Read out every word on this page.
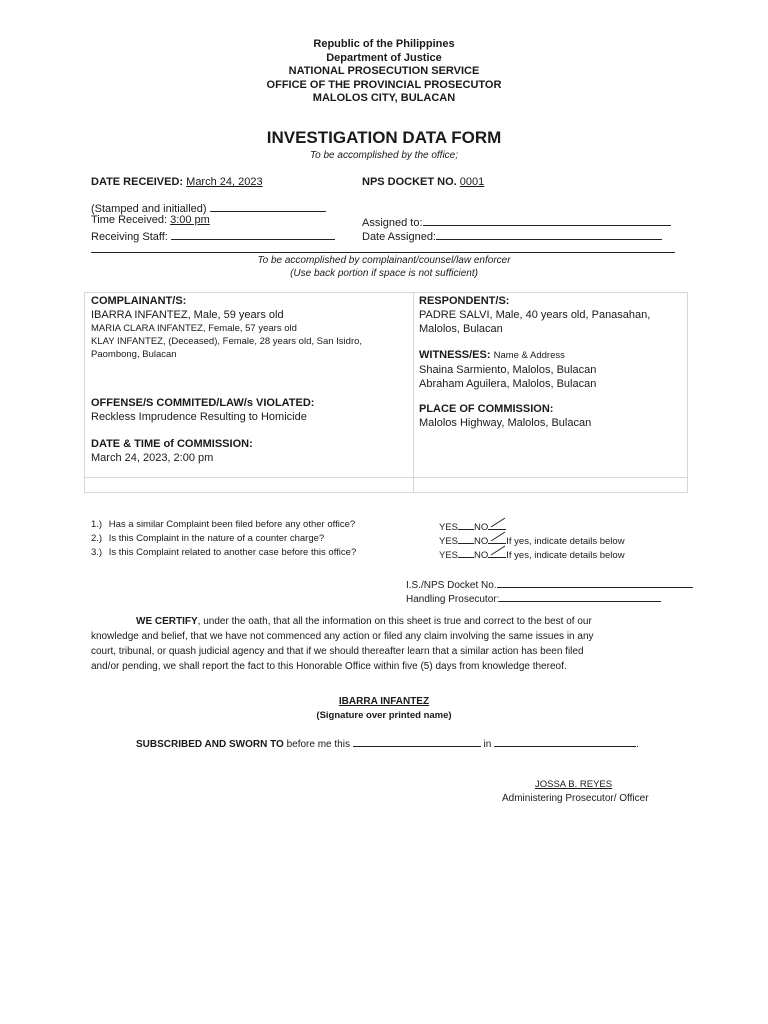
Republic of the Philippines
Department of Justice
NATIONAL PROSECUTION SERVICE
OFFICE OF THE PROVINCIAL PROSECUTOR
MALOLOS CITY, BULACAN
INVESTIGATION DATA FORM
To be accomplished by the office;
DATE RECEIVED: March 24, 2023	NPS DOCKET NO. 0001
(Stamped and initialled)
Time Received: 3:00 pm
Receiving Staff:
Assigned to:
Date Assigned:
To be accomplished by complainant/counsel/law enforcer
(Use back portion if space is not sufficient)
COMPLAINANT/S:
IBARRA INFANTEZ, Male, 59 years old
MARIA CLARA INFANTEZ, Female, 57 years old
KLAY INFANTEZ, (Deceased), Female, 28 years old, San Isidro,
Paombong, Bulacan
OFFENSE/S COMMITED/LAW/s VIOLATED:
Reckless Imprudence Resulting to Homicide
DATE & TIME of COMMISSION:
March 24, 2023, 2:00 pm
RESPONDENT/S:
PADRE SALVI, Male, 40 years old, Panasahan,
Malolos, Bulacan
WITNESS/ES: Name & Address
Shaina Sarmiento, Malolos, Bulacan
Abraham Aguilera, Malolos, Bulacan
PLACE OF COMMISSION:
Malolos Highway, Malolos, Bulacan
1.) Has a similar Complaint been filed before any other office?
2.) Is this Complaint in the nature of a counter charge?
3.) Is this Complaint related to another case before this office?
YES NO
YES NO If yes, indicate details below
YES NO If yes, indicate details below
I.S./NPS Docket No.
Handling Prosecutor:
WE CERTIFY, under the oath, that all the information on this sheet is true and correct to the best of our
knowledge and belief, that we have not commenced any action or filed any claim involving the same issues in any
court, tribunal, or quash judicial agency and that if we should thereafter learn that a similar action has been filed
and/or pending, we shall report the fact to this Honorable Office within five (5) days from knowledge thereof.
IBARRA INFANTEZ
(Signature over printed name)
SUBSCRIBED AND SWORN TO before me this	in	.
JOSSA B. REYES
Administering Prosecutor/ Officer
